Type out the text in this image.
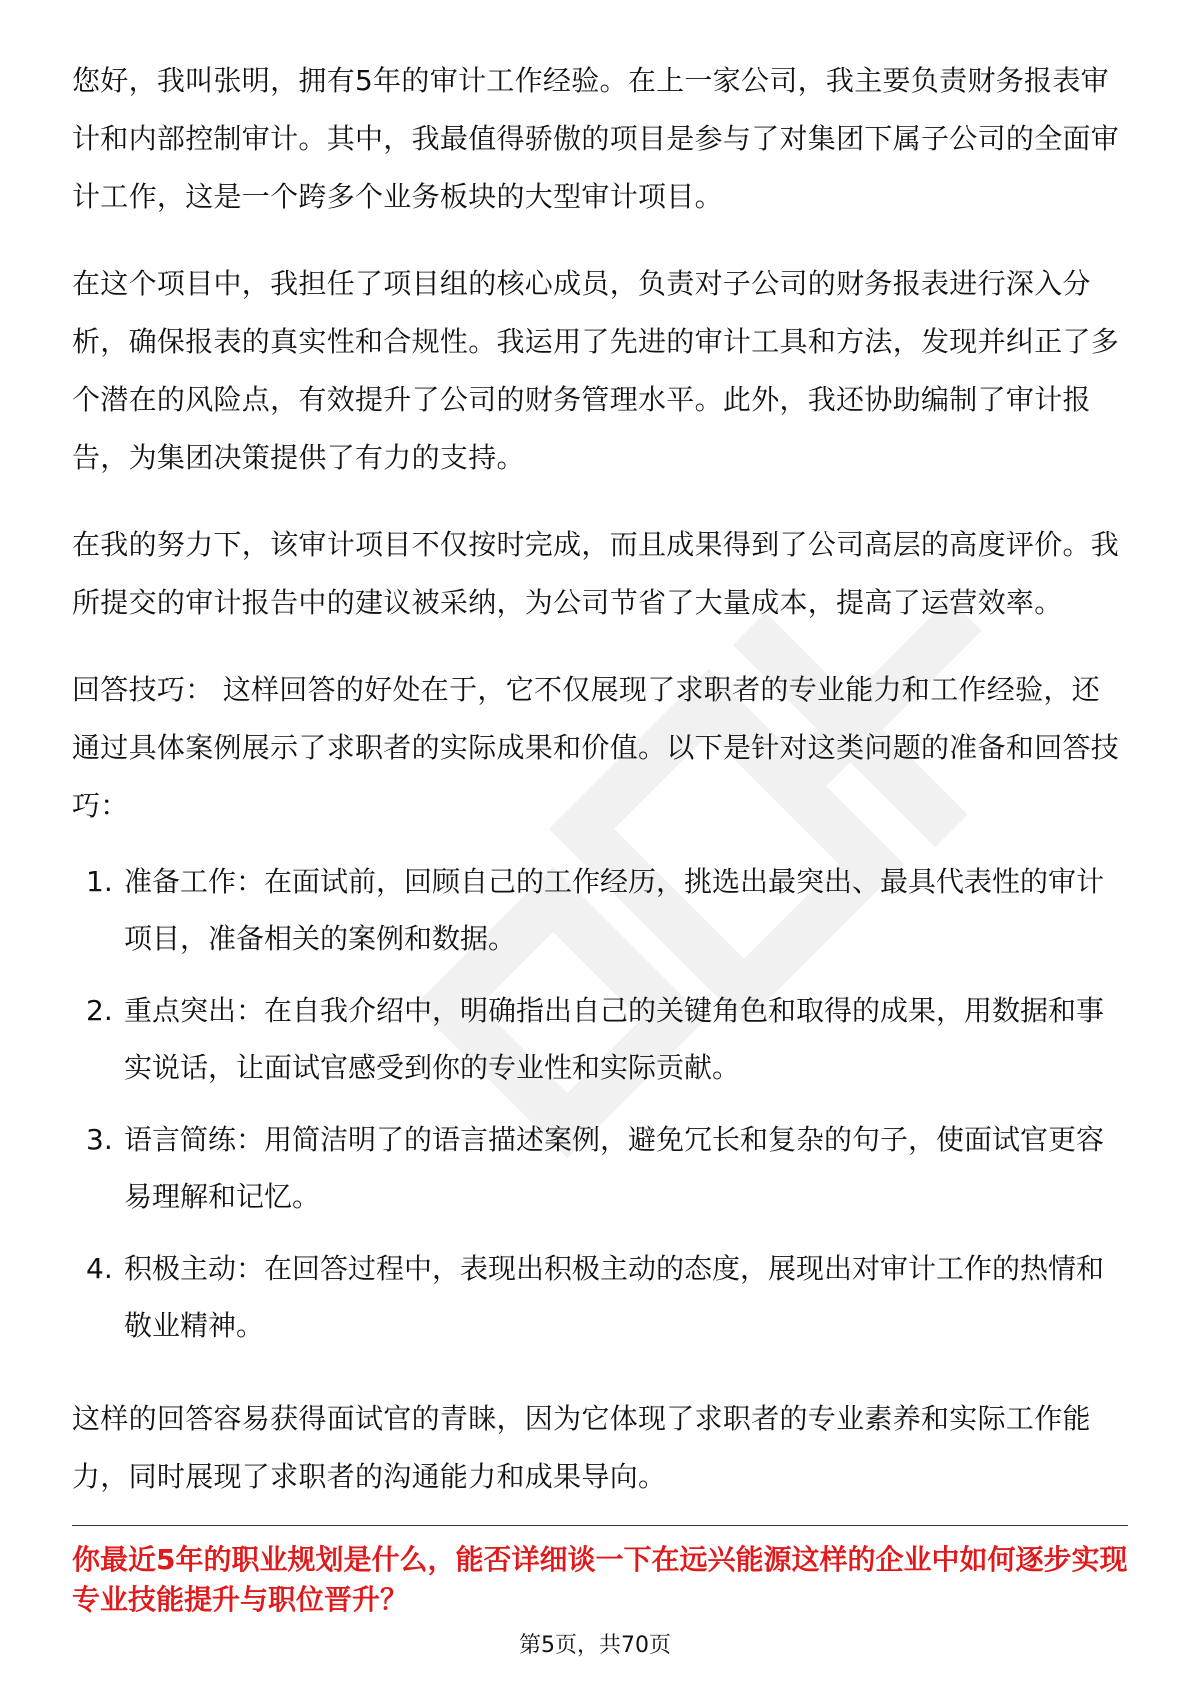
您好，我叫张明，拥有5年的审计工作经验。在上一家公司，我主要负责财务报表审计和内部控制审计。其中，我最值得骄傲的项目是参与了对集团下属子公司的全面审计工作，这是一个跨多个业务板块的大型审计项目。

在这个项目中，我担任了项目组的核心成员，负责对子公司的财务报表进行深入分析，确保报表的真实性和合规性。我运用了先进的审计工具和方法，发现并纠正了多个潜在的风险点，有效提升了公司的财务管理水平。此外，我还协助编制了审计报告，为集团决策提供了有力的支持。

在我的努力下，该审计项目不仅按时完成，而且成果得到了公司高层的高度评价。我所提交的审计报告中的建议被采纳，为公司节省了大量成本，提高了运营效率。

回答技巧： 这样回答的好处在于，它不仅展现了求职者的专业能力和工作经验，还通过具体案例展示了求职者的实际成果和价值。以下是针对这类问题的准备和回答技巧：

1. 准备工作：在面试前，回顾自己的工作经历，挑选出最突出、最具代表性的审计项目，准备相关的案例和数据。
2. 重点突出：在自我介绍中，明确指出自己的关键角色和取得的成果，用数据和事实说话，让面试官感受到你的专业性和实际贡献。
3. 语言简练：用简洁明了的语言描述案例，避免冗长和复杂的句子，使面试官更容易理解和记忆。
4. 积极主动：在回答过程中，表现出积极主动的态度，展现出对审计工作的热情和敬业精神。

这样的回答容易获得面试官的青睐，因为它体现了求职者的专业素养和实际工作能力，同时展现了求职者的沟通能力和成果导向。

你最近5年的职业规划是什么，能否详细谈一下在远兴能源这样的企业中如何逐步实现专业技能提升与职位晋升？

第5页，共70页
